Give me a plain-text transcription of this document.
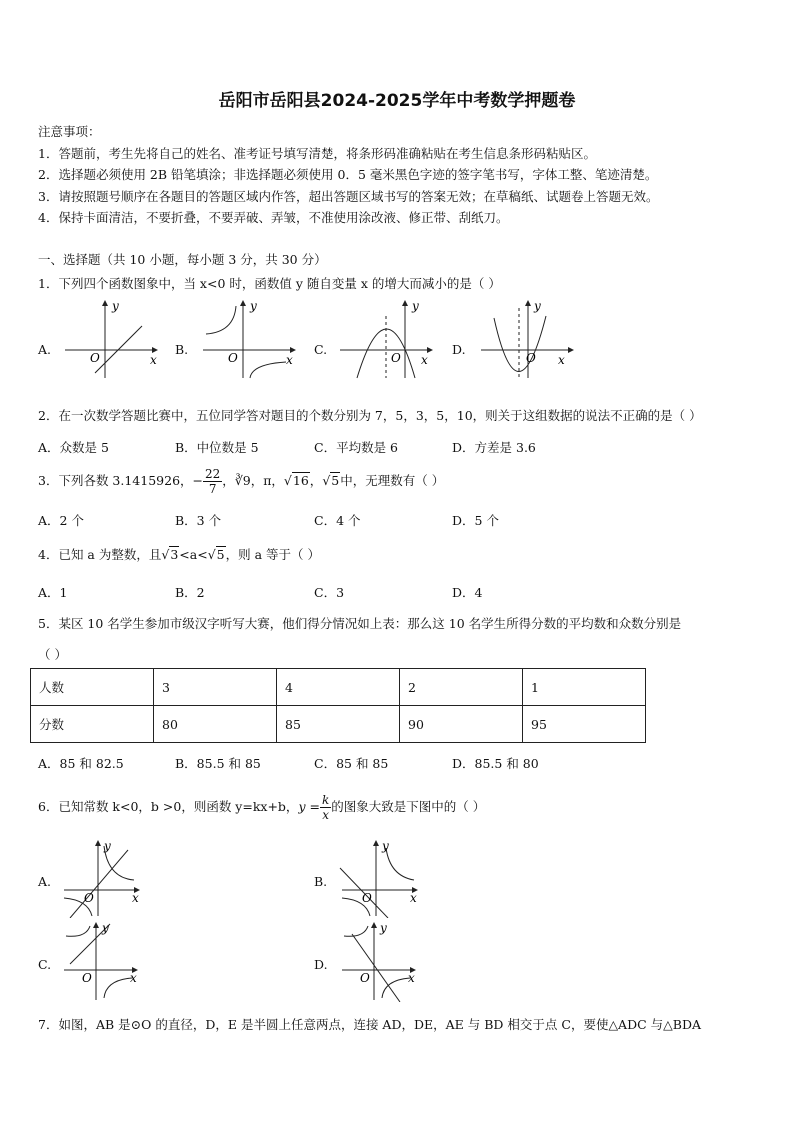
岳阳市岳阳县2024-2025学年中考数学押题卷
注意事项：
1．答题前，考生先将自己的姓名、准考证号填写清楚，将条形码准确粘贴在考生信息条形码粘贴区。
2．选择题必须使用 2B 铅笔填涂；非选择题必须使用 0．5 毫米黑色字迹的签字笔书写，字体工整、笔迹清楚。
3．请按照题号顺序在各题目的答题区域内作答，超出答题区域书写的答案无效；在草稿纸、试题卷上答题无效。
4．保持卡面清洁，不要折叠，不要弄破、弄皱，不准使用涂改液、修正带、刮纸刀。
一、选择题（共 10 小题，每小题 3 分，共 30 分）
1．下列四个函数图象中，当 x<0 时，函数值 y 随自变量 x 的增大而减小的是（ ）
A.	B.	C.	D.
y
x
O
y
x
O
y
x
O
y
x
O
2．在一次数学答题比赛中，五位同学答对题目的个数分别为 7，5，3，5，10，则关于这组数据的说法不正确的是（ ）
A．众数是 5	B．中位数是 5	C．平均数是 6	D．方差是 3.6
3．下列各数 3.1415926，− $\frac{22}{7}$ ，∛9，π，√16，√5中，无理数有（ ）
A．2 个	B．3 个	C．4 个	D．5 个
4．已知 a 为整数，且√3<a<√5，则 a 等于（ ）
A．1	B．2	C．3	D．4
5．某区 10 名学生参加市级汉字听写大赛，他们得分情况如上表：那么这 10 名学生所得分数的平均数和众数分别是
（ ）
人数	3	4	2	1
分数	80	85	90	95
A．85 和 82.5	B．85.5 和 85	C．85 和 85	D．85.5 和 80
6．已知常数 k<0，b >0，则函数 y=kx+b，$y = \frac{k}{x}$ 的图象大致是下图中的（ ）
A.	B.
C.	D.
y
x
O
y
x
O
y
x
O
y
x
O
7．如图，AB 是⊙O 的直径，D，E 是半圆上任意两点，连接 AD，DE，AE 与 BD 相交于点 C，要使△ADC 与△BDA
